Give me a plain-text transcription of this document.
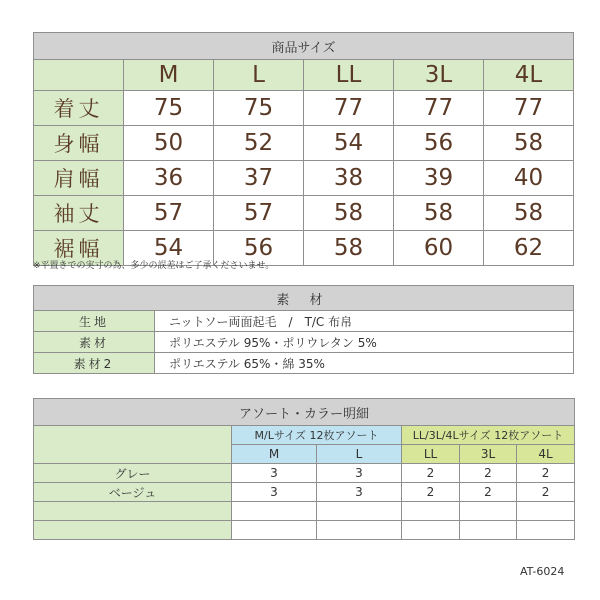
商品サイズ					
	M	L	LL	3L	4L
着丈	75	75	77	77	77
身幅	50	52	54	56	58
肩幅	36	37	38	39	40
袖丈	57	57	58	58	58
裾幅	54	56	58	60	62
※平置きでの実寸の為、多少の誤差はご了承くださいませ。
素 材	
生地	ニットソー両面起毛　/　T/C 布帛
素材	ポリエステル 95%・ポリウレタン 5%
素材2	ポリエステル 65%・綿 35%
アソート・カラー明細					
	M/Lサイズ 12枚アソート		LL/3L/4Lサイズ 12枚アソート		
	M	L	LL	3L	4L
グレー	3	3	2	2	2
ベージュ	3	3	2	2	2

AT-6024
